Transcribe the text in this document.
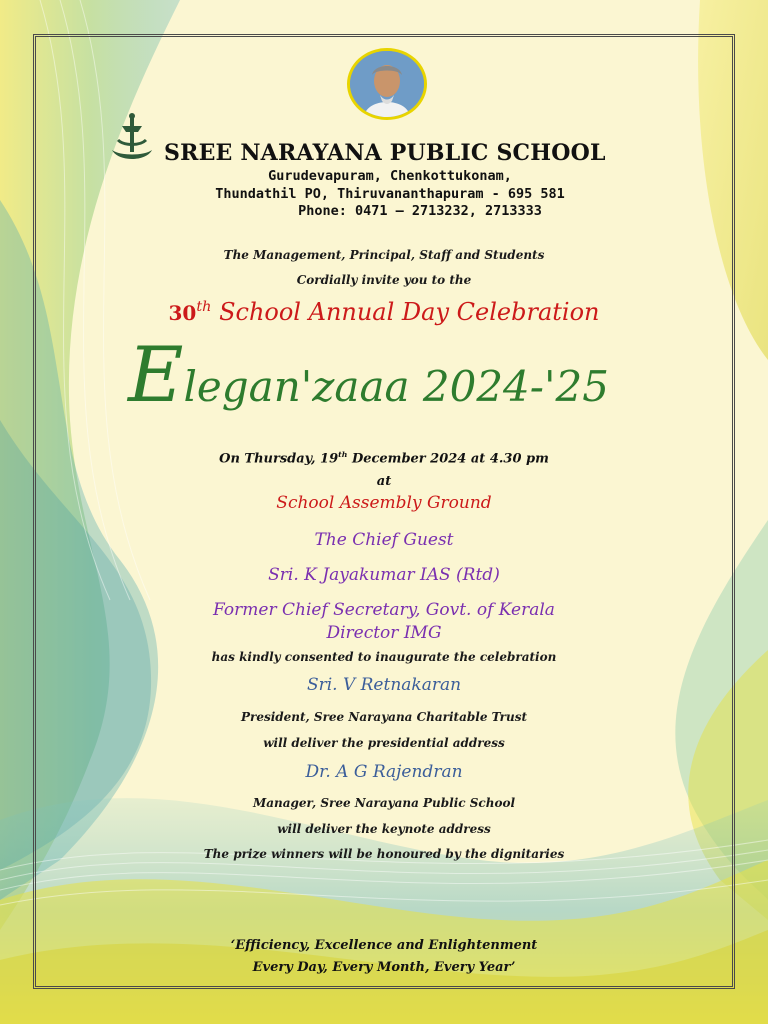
SREE NARAYANA PUBLIC SCHOOL
Gurudevapuram, Chenkottukonam,
Thundathil PO, Thiruvananthapuram - 695 581
Phone: 0471 – 2713232, 2713333
The Management, Principal, Staff and Students
Cordially invite you to the
30th School Annual Day Celebration
Elegan'zaaa 2024-'25
On Thursday, 19th December 2024 at 4.30 pm
at
School Assembly Ground
The Chief Guest
Sri. K Jayakumar IAS (Rtd)
Former Chief Secretary, Govt. of Kerala
Director IMG
has kindly consented to inaugurate the celebration
Sri. V Retnakaran
President, Sree Narayana Charitable Trust
will deliver the presidential address
Dr. A G Rajendran
Manager, Sree Narayana Public School
will deliver the keynote address
The prize winners will be honoured by the dignitaries
‘Efficiency, Excellence and Enlightenment
Every Day, Every Month, Every Year’
